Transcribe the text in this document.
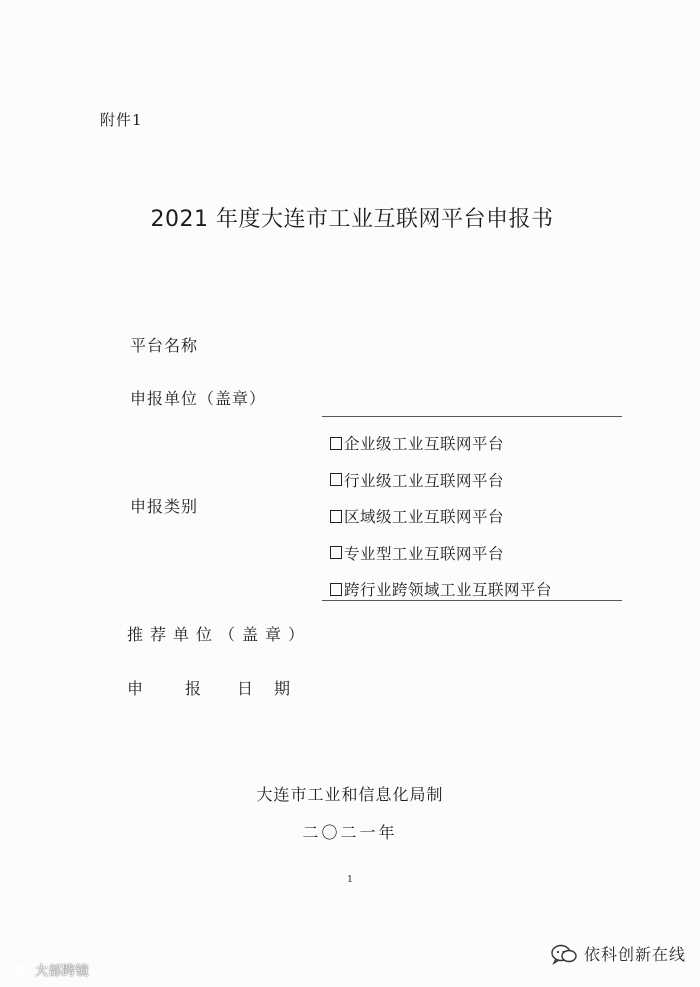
附件1
2021 年度大连市工业互联网平台申报书
平台名称
申报单位（盖章）
申报类别
企业级工业互联网平台
行业级工业互联网平台
区域级工业互联网平台
专业型工业互联网平台
跨行业跨领域工业互联网平台
推荐单位（盖章）
申	报 日 期
大连市工业和信息化局制
二〇二一年
1
依科创新在线
大部跨镜
